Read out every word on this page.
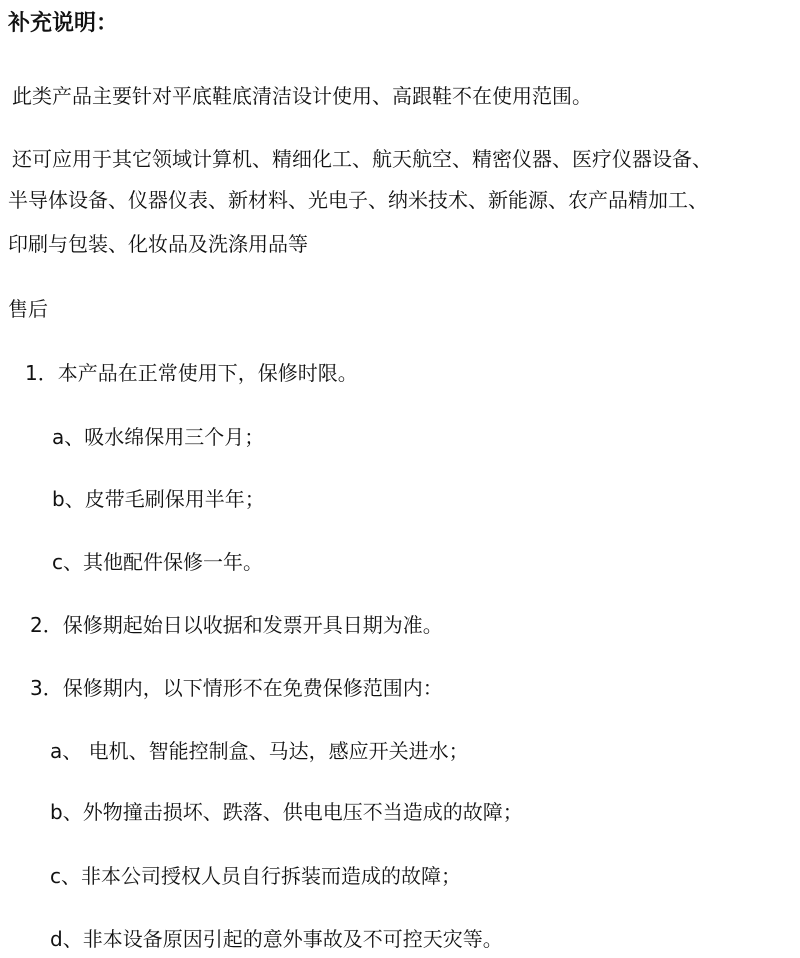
补充说明：
此类产品主要针对平底鞋底清洁设计使用、高跟鞋不在使用范围。
还可应用于其它领域计算机、精细化工、航天航空、精密仪器、医疗仪器设备、
半导体设备、仪器仪表、新材料、光电子、纳米技术、新能源、农产品精加工、
印刷与包装、化妆品及洗涤用品等
售后
1．本产品在正常使用下，保修时限。
a、吸水绵保用三个月；
b、皮带毛刷保用半年；
c、其他配件保修一年。
2．保修期起始日以收据和发票开具日期为准。
3．保修期内，以下情形不在免费保修范围内：
a、 电机、智能控制盒、马达，感应开关进水；
b、外物撞击损坏、跌落、供电电压不当造成的故障；
c、非本公司授权人员自行拆装而造成的故障；
d、非本设备原因引起的意外事故及不可控天灾等。
